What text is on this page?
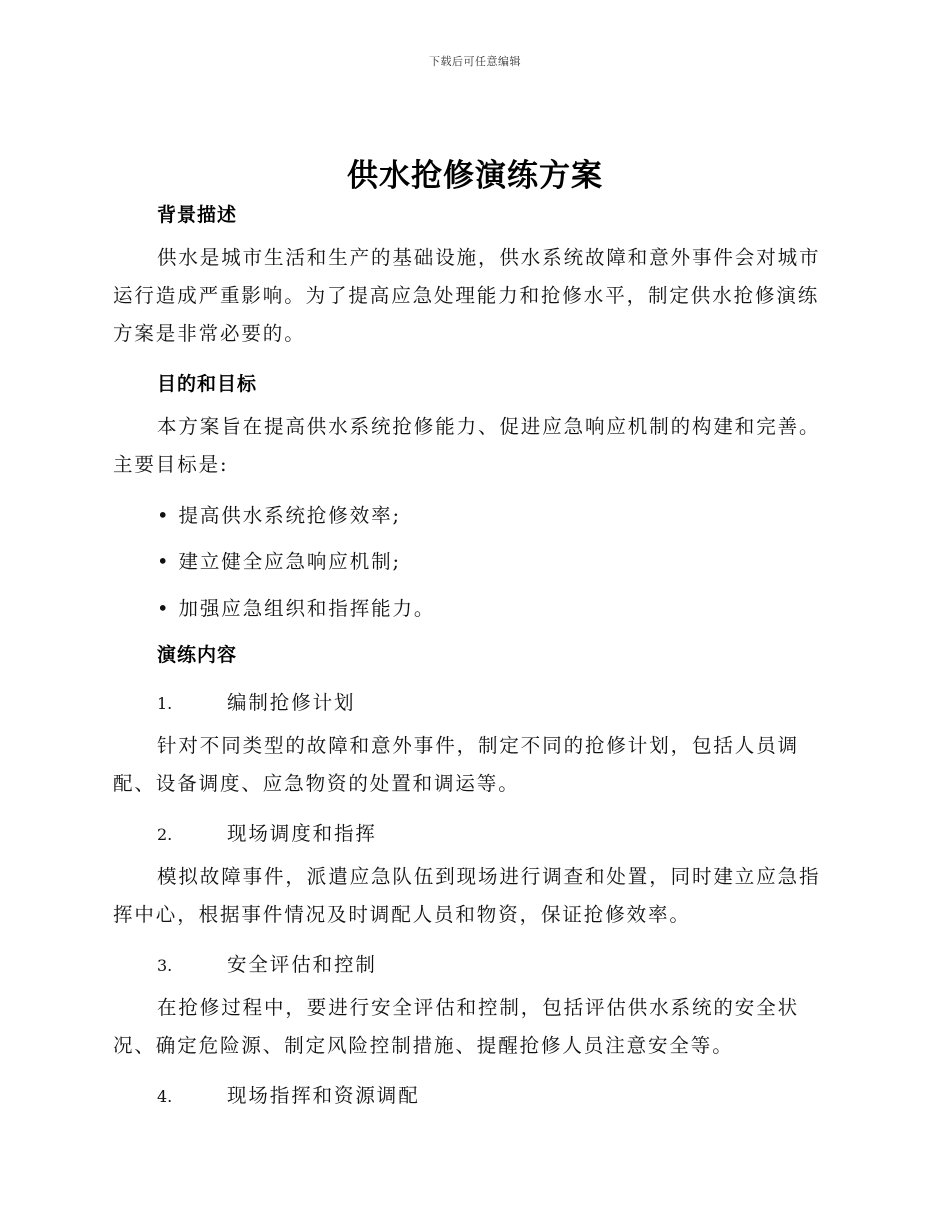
下载后可任意编辑
供水抢修演练方案
背景描述

供水是城市生活和生产的基础设施，供水系统故障和意外事件会对城市运行造成严重影响。为了提高应急处理能力和抢修水平，制定供水抢修演练方案是非常必要的。

目的和目标

本方案旨在提高供水系统抢修能力、促进应急响应机制的构建和完善。主要目标是:

• 提高供水系统抢修效率;
• 建立健全应急响应机制;
• 加强应急组织和指挥能力。
演练内容
1.	编制抢修计划

针对不同类型的故障和意外事件，制定不同的抢修计划，包括人员调配、设备调度、应急物资的处置和调运等。

2.	现场调度和指挥

模拟故障事件，派遣应急队伍到现场进行调查和处置，同时建立应急指挥中心，根据事件情况及时调配人员和物资，保证抢修效率。

3.	安全评估和控制

在抢修过程中，要进行安全评估和控制，包括评估供水系统的安全状况、确定危险源、制定风险控制措施、提醒抢修人员注意安全等。

4.	现场指挥和资源调配
